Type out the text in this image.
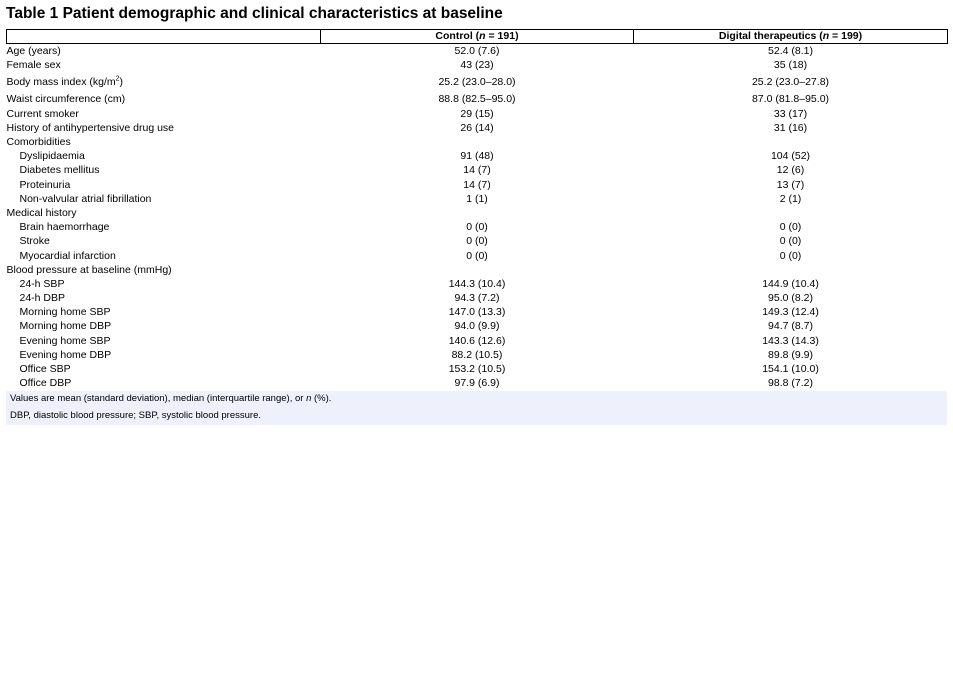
Table 1 Patient demographic and clinical characteristics at baseline
	Control (n = 191)	Digital therapeutics (n = 199)
Age (years)	52.0 (7.6)	52.4 (8.1)
Female sex	43 (23)	35 (18)
Body mass index $(kg/m^2)$	25.2 (23.0–28.0)	25.2 (23.0–27.8)
Waist circumference (cm)	88.8 (82.5–95.0)	87.0 (81.8–95.0)
Current smoker	29 (15)	33 (17)
History of antihypertensive drug use	26 (14)	31 (16)
Comorbidities		
Dyslipidaemia	91 (48)	104 (52)
Diabetes mellitus	14 (7)	12 (6)
Proteinuria	14 (7)	13 (7)
Non-valvular atrial fibrillation	1 (1)	2 (1)
Medical history		
Brain haemorrhage	0 (0)	0 (0)
Stroke	0 (0)	0 (0)
Myocardial infarction	0 (0)	0 (0)
Blood pressure at baseline (mmHg)		
24-h SBP	144.3 (10.4)	144.9 (10.4)
24-h DBP	94.3 (7.2)	95.0 (8.2)
Morning home SBP	147.0 (13.3)	149.3 (12.4)
Morning home DBP	94.0 (9.9)	94.7 (8.7)
Evening home SBP	140.6 (12.6)	143.3 (14.3)
Evening home DBP	88.2 (10.5)	89.8 (9.9)
Office SBP	153.2 (10.5)	154.1 (10.0)
Office DBP	97.9 (6.9)	98.8 (7.2)
Values are mean (standard deviation), median (interquartile range), or n (%).
DBP, diastolic blood pressure; SBP, systolic blood pressure.
